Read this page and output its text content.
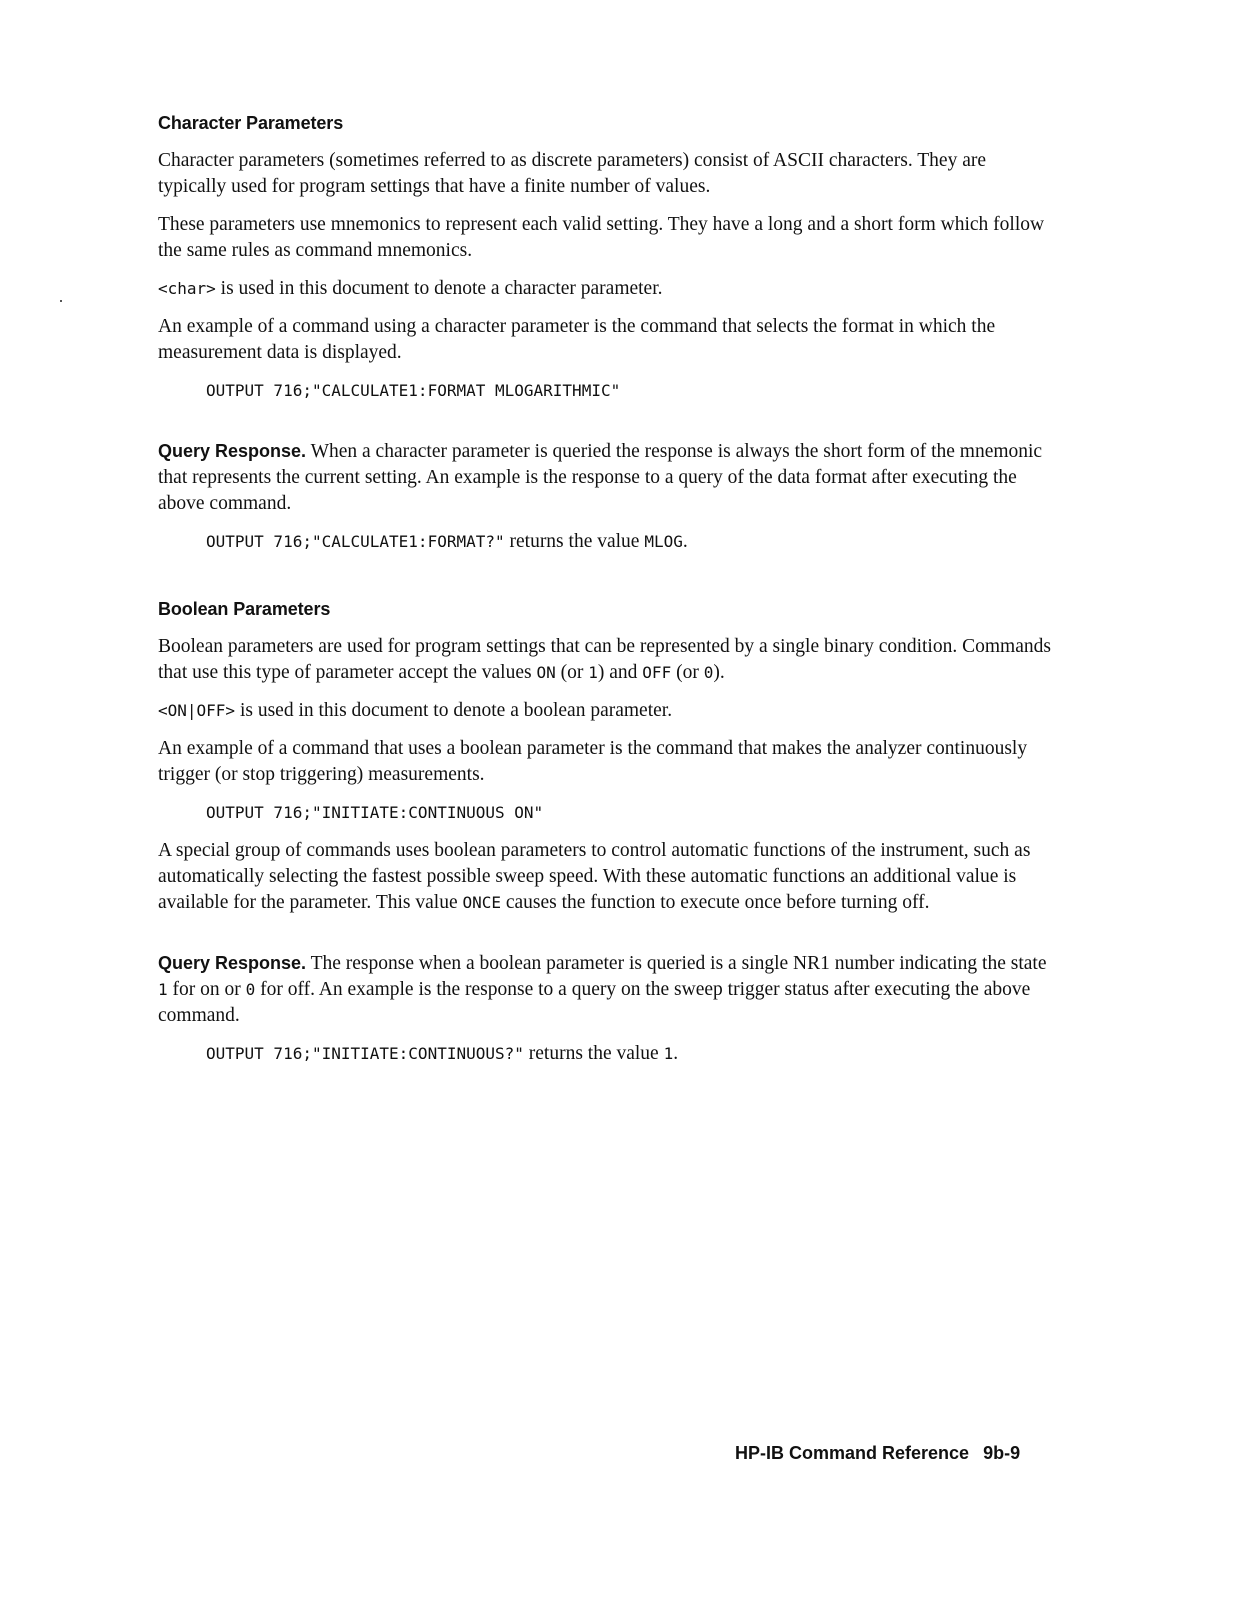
Character Parameters

Character parameters (sometimes referred to as discrete parameters) consist of ASCII characters. They are typically used for program settings that have a finite number of values.

These parameters use mnemonics to represent each valid setting. They have a long and a short form which follow the same rules as command mnemonics.

<char> is used in this document to denote a character parameter.

An example of a command using a character parameter is the command that selects the format in which the measurement data is displayed.

OUTPUT 716;"CALCULATE1:FORMAT MLOGARITHMIC"

Query Response. When a character parameter is queried the response is always the short form of the mnemonic that represents the current setting. An example is the response to a query of the data format after executing the above command.

OUTPUT 716;"CALCULATE1:FORMAT?" returns the value MLOG.
Boolean Parameters

Boolean parameters are used for program settings that can be represented by a single binary condition. Commands that use this type of parameter accept the values ON (or 1) and OFF (or 0).

<ON|OFF> is used in this document to denote a boolean parameter.

An example of a command that uses a boolean parameter is the command that makes the analyzer continuously trigger (or stop triggering) measurements.

OUTPUT 716;"INITIATE:CONTINUOUS ON"

A special group of commands uses boolean parameters to control automatic functions of the instrument, such as automatically selecting the fastest possible sweep speed. With these automatic functions an additional value is available for the parameter. This value ONCE causes the function to execute once before turning off.

Query Response. The response when a boolean parameter is queried is a single NR1 number indicating the state 1 for on or 0 for off. An example is the response to a query on the sweep trigger status after executing the above command.

OUTPUT 716;"INITIATE:CONTINUOUS?" returns the value 1.
HP-IB Command Reference 9b-9
